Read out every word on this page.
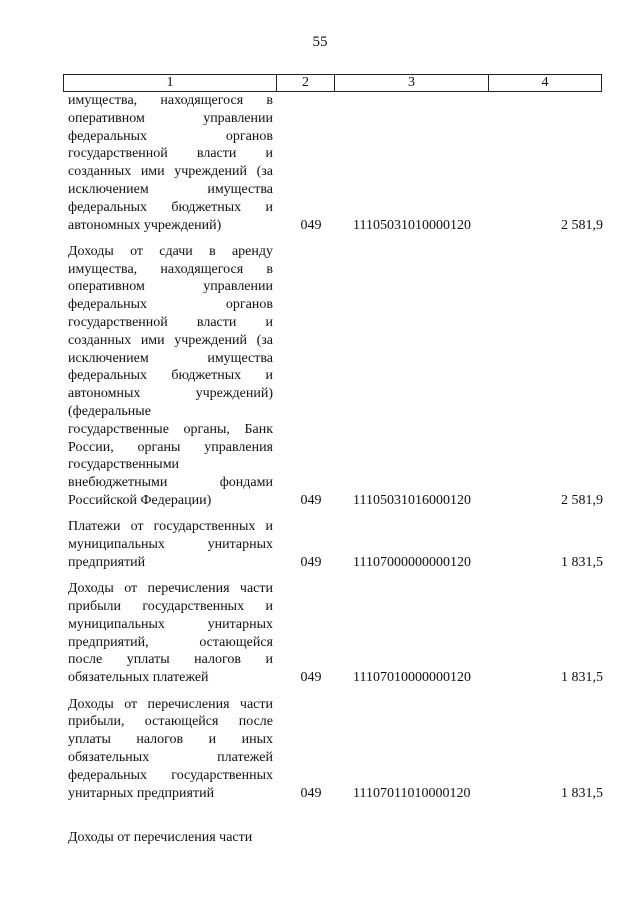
55
1	2	3	4
имущества, находящегося в
оперативном управлении
федеральных органов
государственной власти и
созданных ими учреждений (за
исключением имущества
федеральных бюджетных и
автономных учреждений)	049	11105031010000120	2 581,9
Доходы от сдачи в аренду
имущества, находящегося в
оперативном управлении
федеральных органов
государственной власти и
созданных ими учреждений (за
исключением имущества
федеральных бюджетных и
автономных учреждений)
(федеральные
государственные органы, Банк
России, органы управления
государственными
внебюджетными фондами
Российской Федерации)	049	11105031016000120	2 581,9
Платежи от государственных и
муниципальных унитарных
предприятий	049	11107000000000120	1 831,5
Доходы от перечисления части
прибыли государственных и
муниципальных унитарных
предприятий, остающейся
после уплаты налогов и
обязательных платежей	049	11107010000000120	1 831,5
Доходы от перечисления части
прибыли, остающейся после
уплаты налогов и иных
обязательных платежей
федеральных государственных
унитарных предприятий	049	11107011010000120	1 831,5
Доходы от перечисления части
